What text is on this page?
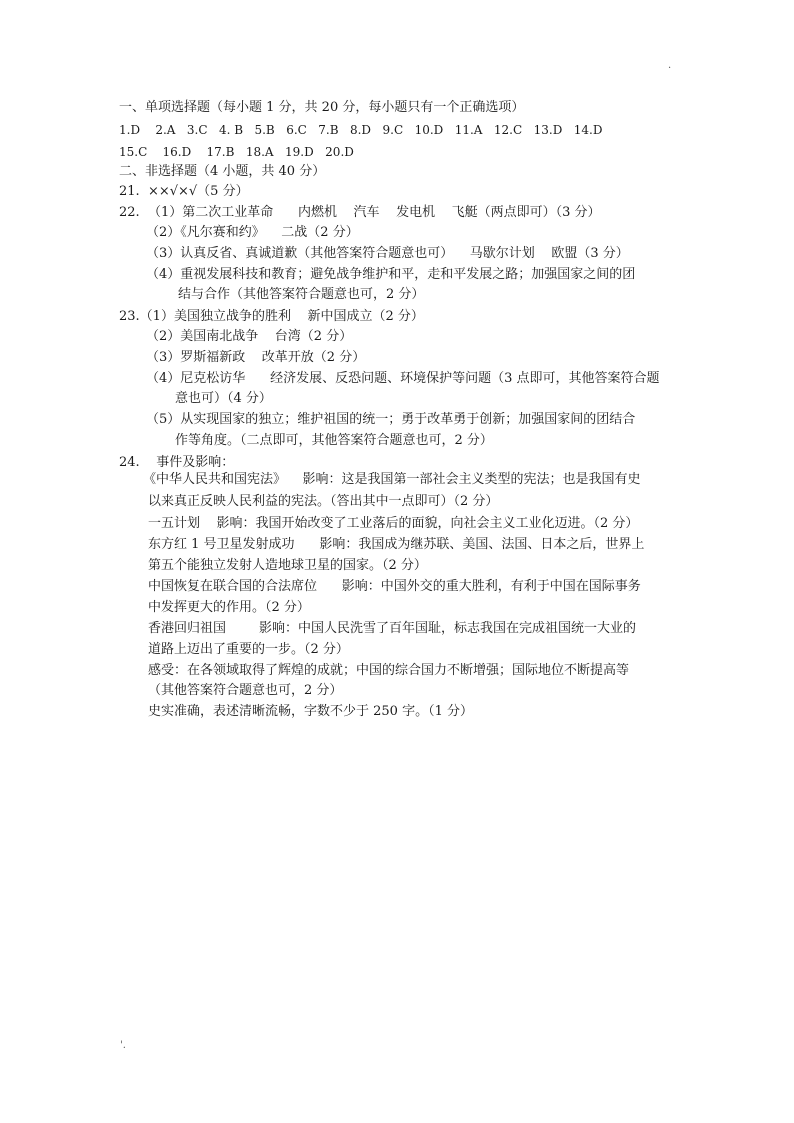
.
一、单项选择题（每小题 1 分，共 20 分，每小题只有一个正确选项）
1.D    2.A   3.C   4. B   5.B   6.C   7.B   8.D   9.C   10.D   11.A   12.C   13.D   14.D
15.C    16.D    17.B   18.A   19.D   20.D
二、非选择题（4 小题，共 40 分）
21.  ××√×√（5 分）
22.  （1）第二次工业革命      内燃机    汽车    发电机    飞艇（两点即可）（3 分）
（2）《凡尔赛和约》    二战（2 分）
（3）认真反省、真诚道歉（其他答案符合题意也可）    马歇尔计划    欧盟（3 分）
（4）重视发展科技和教育；避免战争维护和平，走和平发展之路；加强国家之间的团
结与合作（其他答案符合题意也可，2 分）
23.（1）美国独立战争的胜利    新中国成立（2 分）
（2）美国南北战争    台湾（2 分）
（3）罗斯福新政    改革开放（2 分）
（4）尼克松访华      经济发展、反恐问题、环境保护等问题（3 点即可，其他答案符合题
意也可）（4 分）
（5）从实现国家的独立；维护祖国的统一；勇于改革勇于创新；加强国家间的团结合
作等角度。（二点即可，其他答案符合题意也可，2 分）
24.    事件及影响：
《中华人民共和国宪法》    影响：这是我国第一部社会主义类型的宪法；也是我国有史
以来真正反映人民利益的宪法。（答出其中一点即可）（2 分）
一五计划    影响：我国开始改变了工业落后的面貌，向社会主义工业化迈进。（2 分）
东方红 1 号卫星发射成功      影响：我国成为继苏联、美国、法国、日本之后，世界上
第五个能独立发射人造地球卫星的国家。（2 分）
中国恢复在联合国的合法席位      影响：中国外交的重大胜利，有利于中国在国际事务
中发挥更大的作用。（2 分）
香港回归祖国        影响：中国人民洗雪了百年国耻，标志我国在完成祖国统一大业的
道路上迈出了重要的一步。（2 分）
感受：在各领域取得了辉煌的成就；中国的综合国力不断增强；国际地位不断提高等
（其他答案符合题意也可，2 分）
史实准确，表述清晰流畅，字数不少于 250 字。（1 分）
'.
